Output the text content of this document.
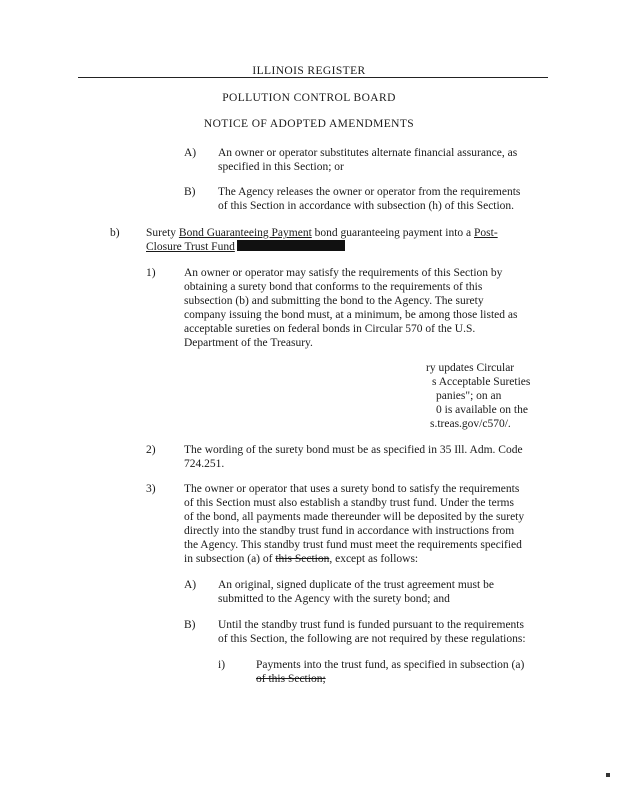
ILLINOIS REGISTER
POLLUTION CONTROL BOARD
NOTICE OF ADOPTED AMENDMENTS
A) An owner or operator substitutes alternate financial assurance, as
specified in this Section; or
B) The Agency releases the owner or operator from the requirements
of this Section in accordance with subsection (h) of this Section.
b) Surety Bond Guaranteeing Payment bond guaranteeing payment into a Post-
Closure Trust Fund
1) An owner or operator may satisfy the requirements of this Section by
obtaining a surety bond that conforms to the requirements of this
subsection (b) and submitting the bond to the Agency. The surety
company issuing the bond must, at a minimum, be among those listed as
acceptable sureties on federal bonds in Circular 570 of the U.S.
Department of the Treasury.
ry updates Circular
s Acceptable Sureties
panies"; on an
0 is available on the
s.treas.gov/c570/.
2) The wording of the surety bond must be as specified in 35 Ill. Adm. Code
724.251.
3) The owner or operator that uses a surety bond to satisfy the requirements
of this Section must also establish a standby trust fund. Under the terms
of the bond, all payments made thereunder will be deposited by the surety
directly into the standby trust fund in accordance with instructions from
the Agency. This standby trust fund must meet the requirements specified
in subsection (a) of this Section, except as follows:
A) An original, signed duplicate of the trust agreement must be
submitted to the Agency with the surety bond; and
B) Until the standby trust fund is funded pursuant to the requirements
of this Section, the following are not required by these regulations:
i)	Payments into the trust fund, as specified in subsection (a)
of this Section;
